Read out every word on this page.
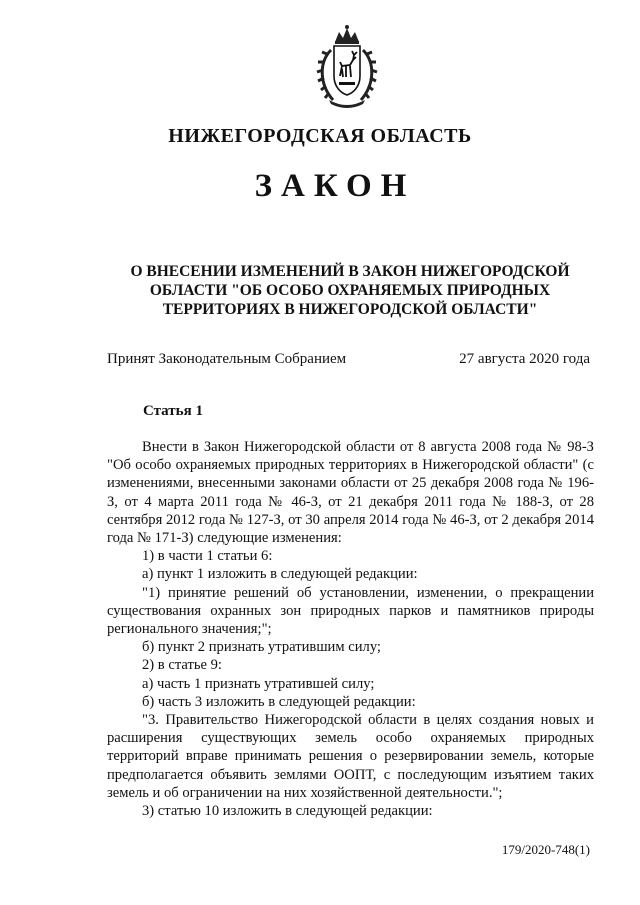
НИЖЕГОРОДСКАЯ ОБЛАСТЬ
ЗАКОН
О ВНЕСЕНИИ ИЗМЕНЕНИЙ В ЗАКОН НИЖЕГОРОДСКОЙ
ОБЛАСТИ "ОБ ОСОБО ОХРАНЯЕМЫХ ПРИРОДНЫХ
ТЕРРИТОРИЯХ В НИЖЕГОРОДСКОЙ ОБЛАСТИ"
Принят Законодательным Собранием	27 августа 2020 года
Статья 1

Внести в Закон Нижегородской области от 8 августа 2008 года № 98-З "Об особо охраняемых природных территориях в Нижегородской области" (с изменениями, внесенными законами области от 25 декабря 2008 года № 196-З, от 4 марта 2011 года № 46-З, от 21 декабря 2011 года № 188-З, от 28 сентября 2012 года № 127-З, от 30 апреля 2014 года № 46-З, от 2 декабря 2014 года № 171-З) следующие изменения:

1) в части 1 статьи 6:

а) пункт 1 изложить в следующей редакции:

"1) принятие решений об установлении, изменении, о прекращении существования охранных зон природных парков и памятников природы регионального значения;";

б) пункт 2 признать утратившим силу;

2) в статье 9:

а) часть 1 признать утратившей силу;

б) часть 3 изложить в следующей редакции:

"3. Правительство Нижегородской области в целях создания новых и расширения существующих земель особо охраняемых природных территорий вправе принимать решения о резервировании земель, которые предполагается объявить землями ООПТ, с последующим изъятием таких земель и об ограничении на них хозяйственной деятельности.";

3) статью 10 изложить в следующей редакции:

179/2020-748(1)
